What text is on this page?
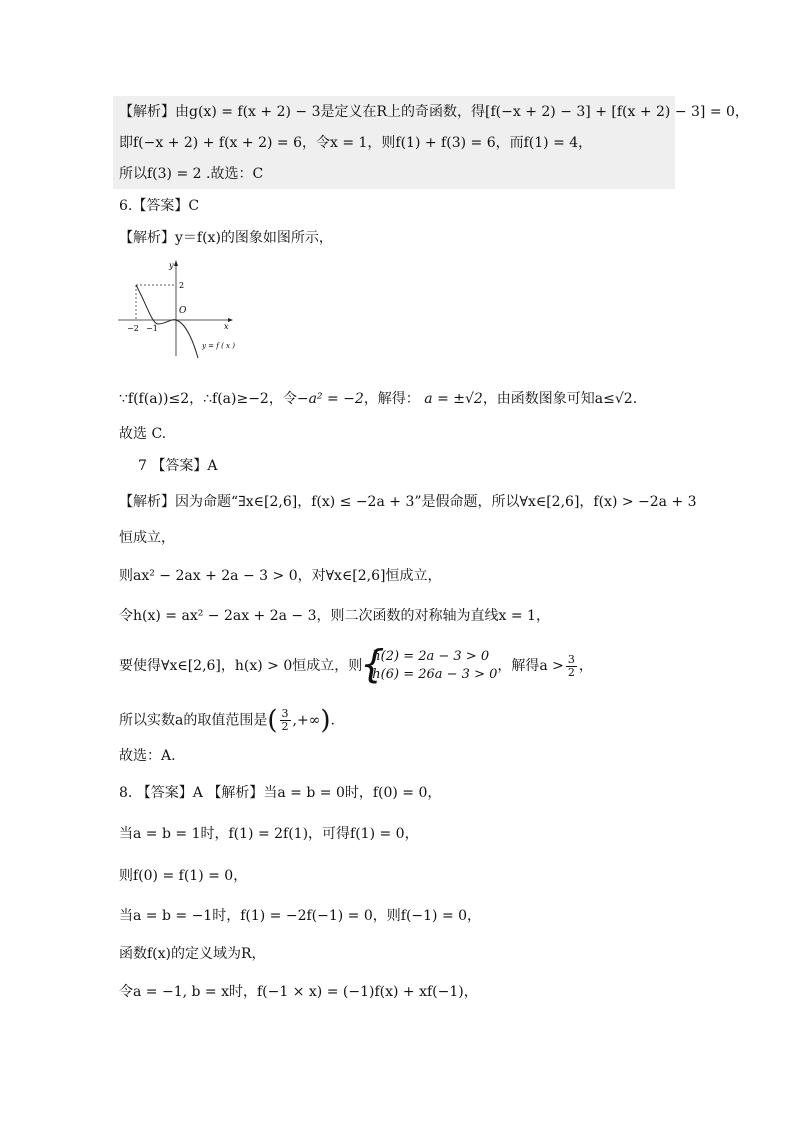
【解析】由g(x) = f(x + 2) − 3是定义在R上的奇函数，得[f(−x + 2) − 3] + [f(x + 2) − 3] = 0，
即f(−x + 2) + f(x + 2) = 6，令x = 1，则f(1) + f(3) = 6，而f(1) = 4，
所以f(3) = 2 .故选：C
6.【答案】C
【解析】y＝f(x)的图象如图所示，
y
x
O
2
−2 −1
y = f ( x )
∵f(f(a))≤2，∴f(a)≥−2，令−a² = −2，解得： a = ±√2，由函数图象可知a≤√2.
故选 C.
7 【答案】A
【解析】因为命题“∃x∈[2,6]，f(x) ≤ −2a + 3”是假命题，所以∀x∈[2,6]，f(x) > −2a + 3
恒成立，
则ax² − 2ax + 2a − 3 > 0，对∀x∈[2,6]恒成立，
令h(x) = ax² − 2ax + 2a − 3，则二次函数的对称轴为直线x = 1，
要使得∀x∈[2,6]，h(x) > 0恒成立，则
{ h(2) = 2a − 3 > 0
h(6) = 26a − 3 > 0
，解得$a > \frac{3}{2}$ ，
所以实数a的取值范围是( $\frac{3}{2}$ ,+∞).
故选：A.
8. 【答案】A 【解析】当a = b = 0时，f(0) = 0，
当a = b = 1时，f(1) = 2f(1)，可得f(1) = 0，
则f(0) = f(1) = 0，
当a = b = −1时，f(1) = −2f(−1) = 0，则f(−1) = 0，
函数f(x)的定义域为R，
令a = −1, b = x时，f(−1 × x) = (−1)f(x) + xf(−1)，
